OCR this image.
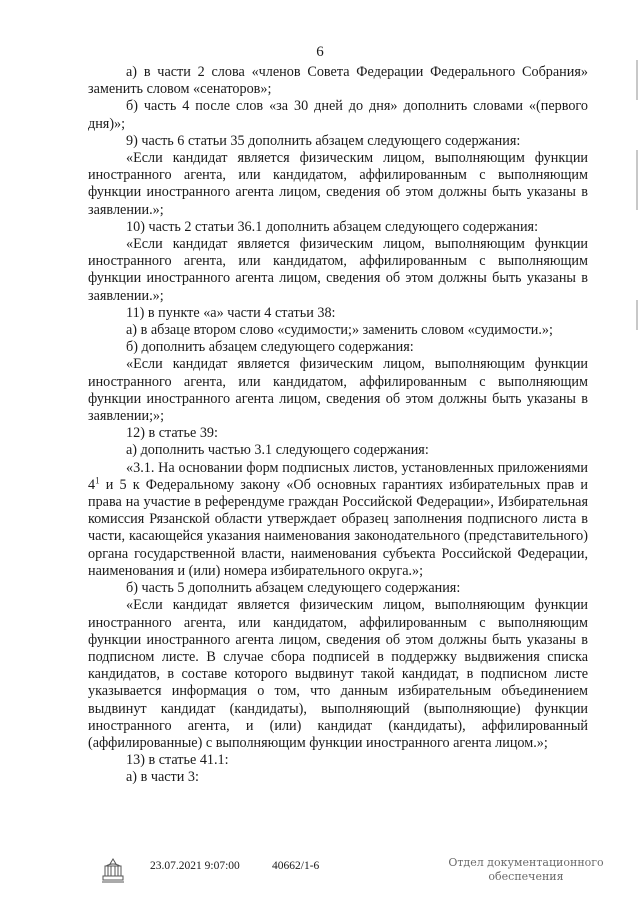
6

а) в части 2 слова «членов Совета Федерации Федерального Собрания» заменить словом «сенаторов»;

б) часть 4 после слов «за 30 дней до дня» дополнить словами «(первого дня)»;

9) часть 6 статьи 35 дополнить абзацем следующего содержания:

«Если кандидат является физическим лицом, выполняющим функции иностранного агента, или кандидатом, аффилированным с выполняющим функции иностранного агента лицом, сведения об этом должны быть указаны в заявлении.»;

10) часть 2 статьи 36.1 дополнить абзацем следующего содержания:

«Если кандидат является физическим лицом, выполняющим функции иностранного агента, или кандидатом, аффилированным с выполняющим функции иностранного агента лицом, сведения об этом должны быть указаны в заявлении.»;

11) в пункте «а» части 4 статьи 38:

а) в абзаце втором слово «судимости;» заменить словом «судимости.»;

б) дополнить абзацем следующего содержания:

«Если кандидат является физическим лицом, выполняющим функции иностранного агента, или кандидатом, аффилированным с выполняющим функции иностранного агента лицом, сведения об этом должны быть указаны в заявлении;»;

12) в статье 39:

а) дополнить частью 3.1 следующего содержания:

«3.1. На основании форм подписных листов, установленных приложениями $4^1$ и 5 к Федеральному закону «Об основных гарантиях избирательных прав и права на участие в референдуме граждан Российской Федерации», Избирательная комиссия Рязанской области утверждает образец заполнения подписного листа в части, касающейся указания наименования законодательного (представительного) органа государственной власти, наименования субъекта Российской Федерации, наименования и (или) номера избирательного округа.»;

б) часть 5 дополнить абзацем следующего содержания:

«Если кандидат является физическим лицом, выполняющим функции иностранного агента, или кандидатом, аффилированным с выполняющим функции иностранного агента лицом, сведения об этом должны быть указаны в подписном листе. В случае сбора подписей в поддержку выдвижения списка кандидатов, в составе которого выдвинут такой кандидат, в подписном листе указывается информация о том, что данным избирательным объединением выдвинут кандидат (кандидаты), выполняющий (выполняющие) функции иностранного агента, и (или) кандидат (кандидаты), аффилированный (аффилированные) с выполняющим функции иностранного агента лицом.»;

13) в статье 41.1:

а) в части 3:

23.07.2021 9:07:00	40662/1-6	Отдел документационного
обеспечения
